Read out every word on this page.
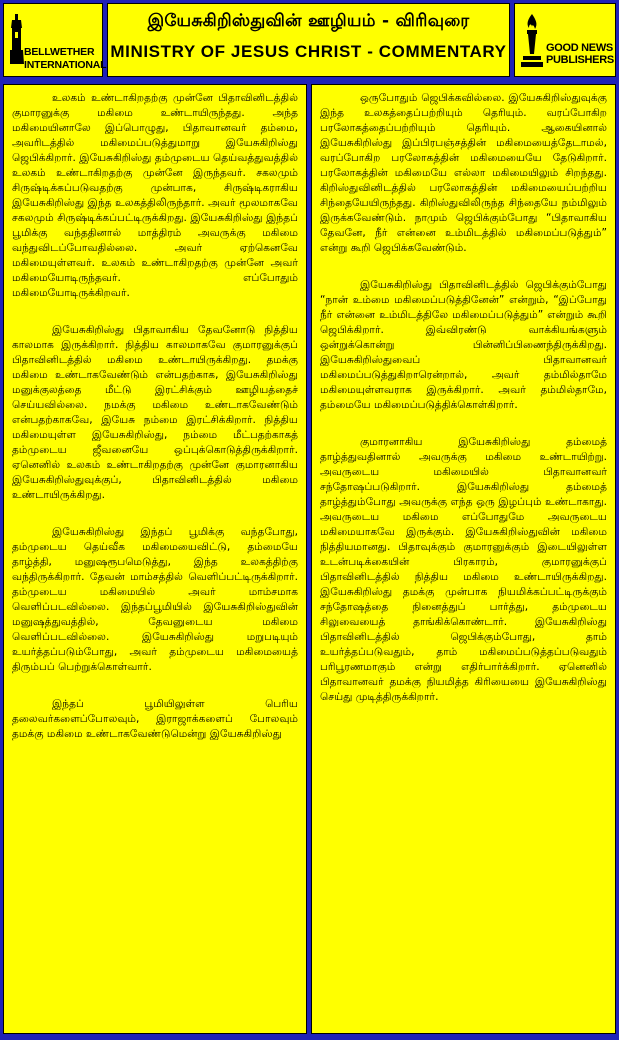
BELLWETHER
INTERNATIONAL
இயேசுகிறிஸ்துவின் ஊழியம் - விரிவுரை
MINISTRY OF JESUS CHRIST - COMMENTARY	GOOD NEWS
PUBLISHERS

உலகம் உண்டாகிறதற்கு முன்னே பிதாவினிடத்தில் குமாரனுக்கு மகிமை உண்டாயிருந்தது. அந்த மகிமையினாலே இப்பொழுது, பிதாவானவர் தம்மை, அவரிடத்தில் மகிமைப்படுத்துமாறு இயேசுகிறிஸ்து ஜெபிக்கிறார். இயேசுகிறிஸ்து தம்முடைய தெய்வத்துவத்தில் உலகம் உண்டாகிறதற்கு முன்னே இருந்தவர். சகலமும் சிருஷ்டிக்கப்படுவதற்கு முன்பாக, சிருஷ்டிகராகிய இயேசுகிறிஸ்து இந்த உலகத்திலிருந்தார். அவர் மூலமாகவே சகலமும் சிருஷ்டிக்கப்பட்டிருக்கிறது. இயேசுகிறிஸ்து இந்தப் பூமிக்கு வந்ததினால் மாத்திரம் அவருக்கு மகிமை வந்துவிடப்போவதில்லை. அவர் ஏற்கெனவே மகிமையுள்ளவர். உலகம் உண்டாகிறதற்கு முன்னே அவர் மகிமையோடிருந்தவர். எப்போதும் மகிமையோடிருக்கிறவர்.

இயேசுகிறிஸ்து பிதாவாகிய தேவனோடு நித்திய காலமாக இருக்கிறார். நித்திய காலமாகவே குமாரனுக்குப் பிதாவினிடத்தில் மகிமை உண்டாயிருக்கிறது. தமக்கு மகிமை உண்டாகவேண்டும் என்பதற்காக, இயேசுகிறிஸ்து மனுக்குலத்தை மீட்டு இரட்சிக்கும் ஊழியத்தைச் செய்யவில்லை. நமக்கு மகிமை உண்டாகவேண்டும் என்பதற்காகவே, இயேசு நம்மை இரட்சிக்கிறார். நித்திய மகிமையுள்ள இயேசுகிறிஸ்து, நம்மை மீட்பதற்காகத் தம்முடைய ஜீவனையே ஒப்புக்கொடுத்திருக்கிறார். ஏனெனில் உலகம் உண்டாகிறதற்கு முன்னே குமாரனாகிய இயேசுகிறிஸ்துவுக்குப், பிதாவினிடத்தில் மகிமை உண்டாயிருக்கிறது.

இயேசுகிறிஸ்து இந்தப் பூமிக்கு வந்தபோது, தம்முடைய தெய்வீக மகிமையைவிட்டு, தம்மையே தாழ்த்தி, மனுஷரூபமெடுத்து, இந்த உலகத்திற்கு வந்திருக்கிறார். தேவன் மாம்சத்தில் வெளிப்பட்டிருக்கிறார். தம்முடைய மகிமையில் அவர் மாம்சமாக வெளிப்படவில்லை. இந்தப்பூமியில் இயேசுகிறிஸ்துவின் மனுஷத்துவத்தில், தேவனுடைய மகிமை வெளிப்படவில்லை. இயேசுகிறிஸ்து மறுபடியும் உயர்த்தப்படும்போது, அவர் தம்முடைய மகிமையைத் திரும்பப் பெற்றுக்கொள்வார்.

இந்தப் பூமியிலுள்ள பெரிய தலைவர்களைப்போலவும், இராஜாக்களைப் போலவும் தமக்கு மகிமை உண்டாகவேண்டுமென்று இயேசுகிறிஸ்து

ஒருபோதும் ஜெபிக்கவில்லை. இயேசுகிறிஸ்துவுக்கு இந்த உலகத்தைப்பற்றியும் தெரியும். வரப்போகிற பரலோகத்தைப்பற்றியும் தெரியும். ஆகையினால் இயேசுகிறிஸ்து இப்பிரபஞ்சத்தின் மகிமையைத்தேடாமல், வரப்போகிற பரலோகத்தின் மகிமையையே தேடுகிறார். பரலோகத்தின் மகிமையே எல்லா மகிமையிலும் சிறந்தது. கிறிஸ்துவினிடத்தில் பரலோகத்தின் மகிமையைப்பற்றிய சிந்தையேயிருந்தது. கிறிஸ்துவிலிருந்த சிந்தையே நம்மிலும் இருக்கவேண்டும். நாமும் ஜெபிக்கும்போது “பிதாவாகிய தேவனே, நீர் என்னை உம்மிடத்தில் மகிமைப்படுத்தும்” என்று கூறி ஜெபிக்கவேண்டும்.

இயேசுகிறிஸ்து பிதாவினிடத்தில் ஜெபிக்கும்போது “நான் உம்மை மகிமைப்படுத்தினேன்” என்றும், “இப்போது நீர் என்னை உம்மிடத்திலே மகிமைப்படுத்தும்” என்றும் கூறி ஜெபிக்கிறார். இவ்விரண்டு வாக்கியங்களும் ஒன்றுக்கொன்று பின்னிப்பிணைந்திருக்கிறது. இயேசுகிறிஸ்துவைப் பிதாவானவர் மகிமைப்படுத்துகிறாரென்றால், அவர் தம்மில்தாமே மகிமையுள்ளவராக இருக்கிறார். அவர் தம்மில்தாமே, தம்மையே மகிமைப்படுத்திக்கொள்கிறார்.

குமாரனாகிய இயேசுகிறிஸ்து தம்மைத் தாழ்த்துவதினால் அவருக்கு மகிமை உண்டாயிற்று. அவருடைய மகிமையில் பிதாவானவர் சந்தோஷப்படுகிறார். இயேசுகிறிஸ்து தம்மைத் தாழ்த்தும்போது அவருக்கு எந்த ஒரு இழப்பும் உண்டாகாது. அவருடைய மகிமை எப்போதுமே அவருடைய மகிமையாகவே இருக்கும். இயேசுகிறிஸ்துவின் மகிமை நித்தியமானது. பிதாவுக்கும் குமாரனுக்கும் இடையிலுள்ள உடன்படிக்கையின் பிரகாரம், குமாரனுக்குப் பிதாவினிடத்தில் நித்திய மகிமை உண்டாயிருக்கிறது. இயேசுகிறிஸ்து தமக்கு முன்பாக நியமிக்கப்பட்டிருக்கும் சந்தோஷத்தை நினைத்துப் பார்த்து, தம்முடைய சிலுவையைத் தாங்கிக்கொண்டார். இயேசுகிறிஸ்து பிதாவினிடத்தில் ஜெபிக்கும்போது, தாம் உயர்த்தப்படுவதும், தாம் மகிமைப்படுத்தப்படுவதும் பரிபூரணமாகும் என்று எதிர்பார்க்கிறார். ஏனெனில் பிதாவானவர் தமக்கு நியமித்த கிரியையை இயேசுகிறிஸ்து செய்து முடித்திருக்கிறார்.
